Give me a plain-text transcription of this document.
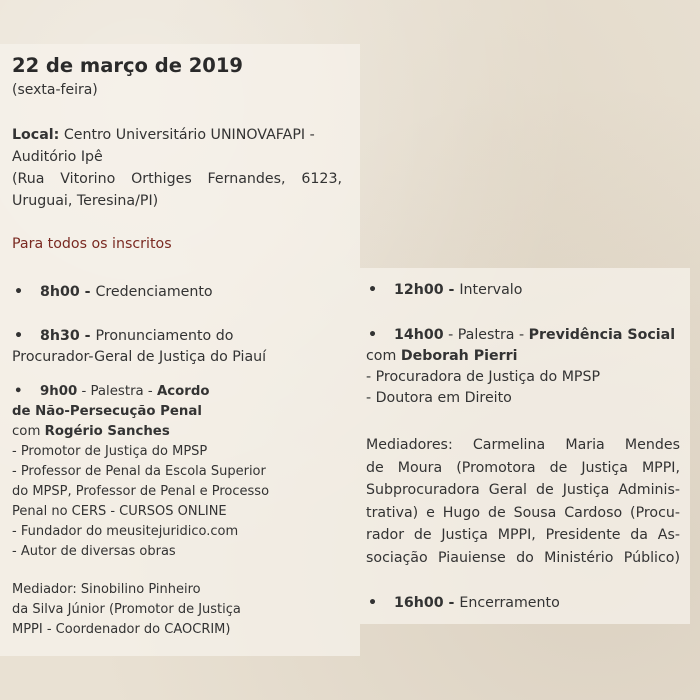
22 de março de 2019
(sexta-feira)
Local: Centro Universitário UNINOVAFAPI -
Auditório Ipê
(Rua Vitorino Orthiges Fernandes, 6123,
Uruguai, Teresina/PI)
Para todos os inscritos
• 8h00 - Credenciamento
• 8h30 - Pronunciamento do
Procurador-Geral de Justiça do Piauí
• 9h00 - Palestra - Acordo
de Não-Persecução Penal
com Rogério Sanches
- Promotor de Justiça do MPSP
- Professor de Penal da Escola Superior
do MPSP, Professor de Penal e Processo
Penal no CERS - CURSOS ONLINE
- Fundador do meusitejuridico.com
- Autor de diversas obras
Mediador: Sinobilino Pinheiro
da Silva Júnior (Promotor de Justiça
MPPI - Coordenador do CAOCRIM)
• 12h00 - Intervalo
• 14h00 - Palestra - Previdência Social
com Deborah Pierri
- Procuradora de Justiça do MPSP
- Doutora em Direito
Mediadores: Carmelina Maria Mendes
de Moura (Promotora de Justiça MPPI,
Subprocuradora Geral de Justiça Adminis-
trativa) e Hugo de Sousa Cardoso (Procu-
rador de Justiça MPPI, Presidente da As-
sociação Piauiense do Ministério Público)
• 16h00 - Encerramento
